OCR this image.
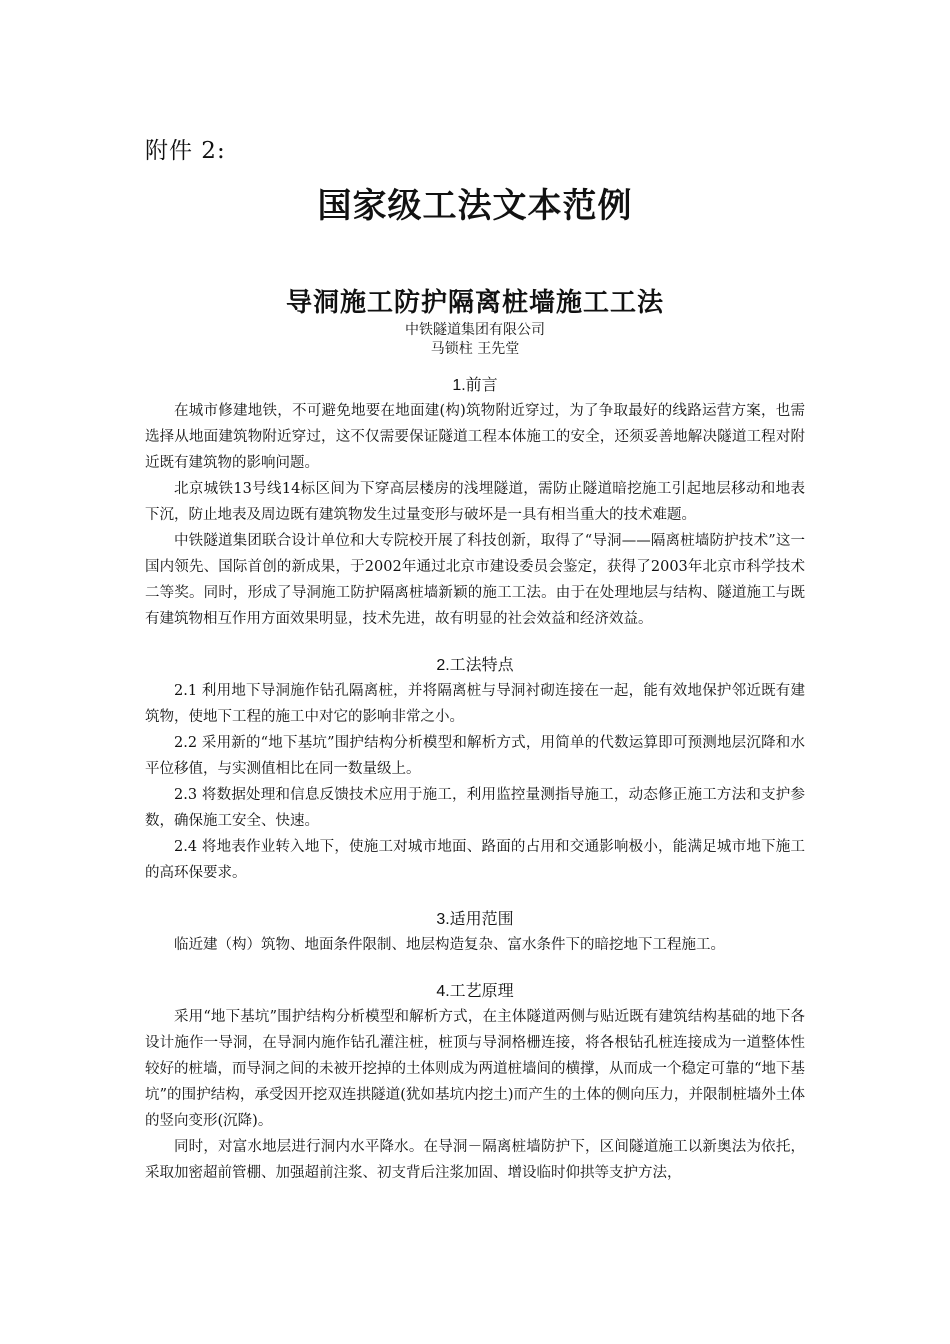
附件 2:
国家级工法文本范例
导洞施工防护隔离桩墙施工工法
中铁隧道集团有限公司
马锁柱 王先堂

1.前言

在城市修建地铁，不可避免地要在地面建(构)筑物附近穿过，为了争取最好的线路运营方案，也需选择从地面建筑物附近穿过，这不仅需要保证隧道工程本体施工的安全，还须妥善地解决隧道工程对附近既有建筑物的影响问题。

北京城铁13号线14标区间为下穿高层楼房的浅埋隧道，需防止隧道暗挖施工引起地层移动和地表下沉，防止地表及周边既有建筑物发生过量变形与破坏是一具有相当重大的技术难题。

中铁隧道集团联合设计单位和大专院校开展了科技创新，取得了“导洞——隔离桩墙防护技术”这一国内领先、国际首创的新成果，于2002年通过北京市建设委员会鉴定，获得了2003年北京市科学技术二等奖。同时，形成了导洞施工防护隔离桩墙新颖的施工工法。由于在处理地层与结构、隧道施工与既有建筑物相互作用方面效果明显，技术先进，故有明显的社会效益和经济效益。

2.工法特点

2.1 利用地下导洞施作钻孔隔离桩，并将隔离桩与导洞衬砌连接在一起，能有效地保护邻近既有建筑物，使地下工程的施工中对它的影响非常之小。

2.2 采用新的“地下基坑”围护结构分析模型和解析方式，用简单的代数运算即可预测地层沉降和水平位移值，与实测值相比在同一数量级上。

2.3 将数据处理和信息反馈技术应用于施工，利用监控量测指导施工，动态修正施工方法和支护参数，确保施工安全、快速。

2.4 将地表作业转入地下，使施工对城市地面、路面的占用和交通影响极小，能满足城市地下施工的高环保要求。

3.适用范围

临近建（构）筑物、地面条件限制、地层构造复杂、富水条件下的暗挖地下工程施工。

4.工艺原理

采用“地下基坑”围护结构分析模型和解析方式，在主体隧道两侧与贴近既有建筑结构基础的地下各设计施作一导洞，在导洞内施作钻孔灌注桩，桩顶与导洞格栅连接，将各根钻孔桩连接成为一道整体性较好的桩墙，而导洞之间的未被开挖掉的土体则成为两道桩墙间的横撑，从而成一个稳定可靠的“地下基坑”的围护结构，承受因开挖双连拱隧道(犹如基坑内挖土)而产生的土体的侧向压力，并限制桩墙外土体的竖向变形(沉降)。

同时，对富水地层进行洞内水平降水。在导洞－隔离桩墙防护下，区间隧道施工以新奥法为依托，采取加密超前管棚、加强超前注浆、初支背后注浆加固、增设临时仰拱等支护方法，
